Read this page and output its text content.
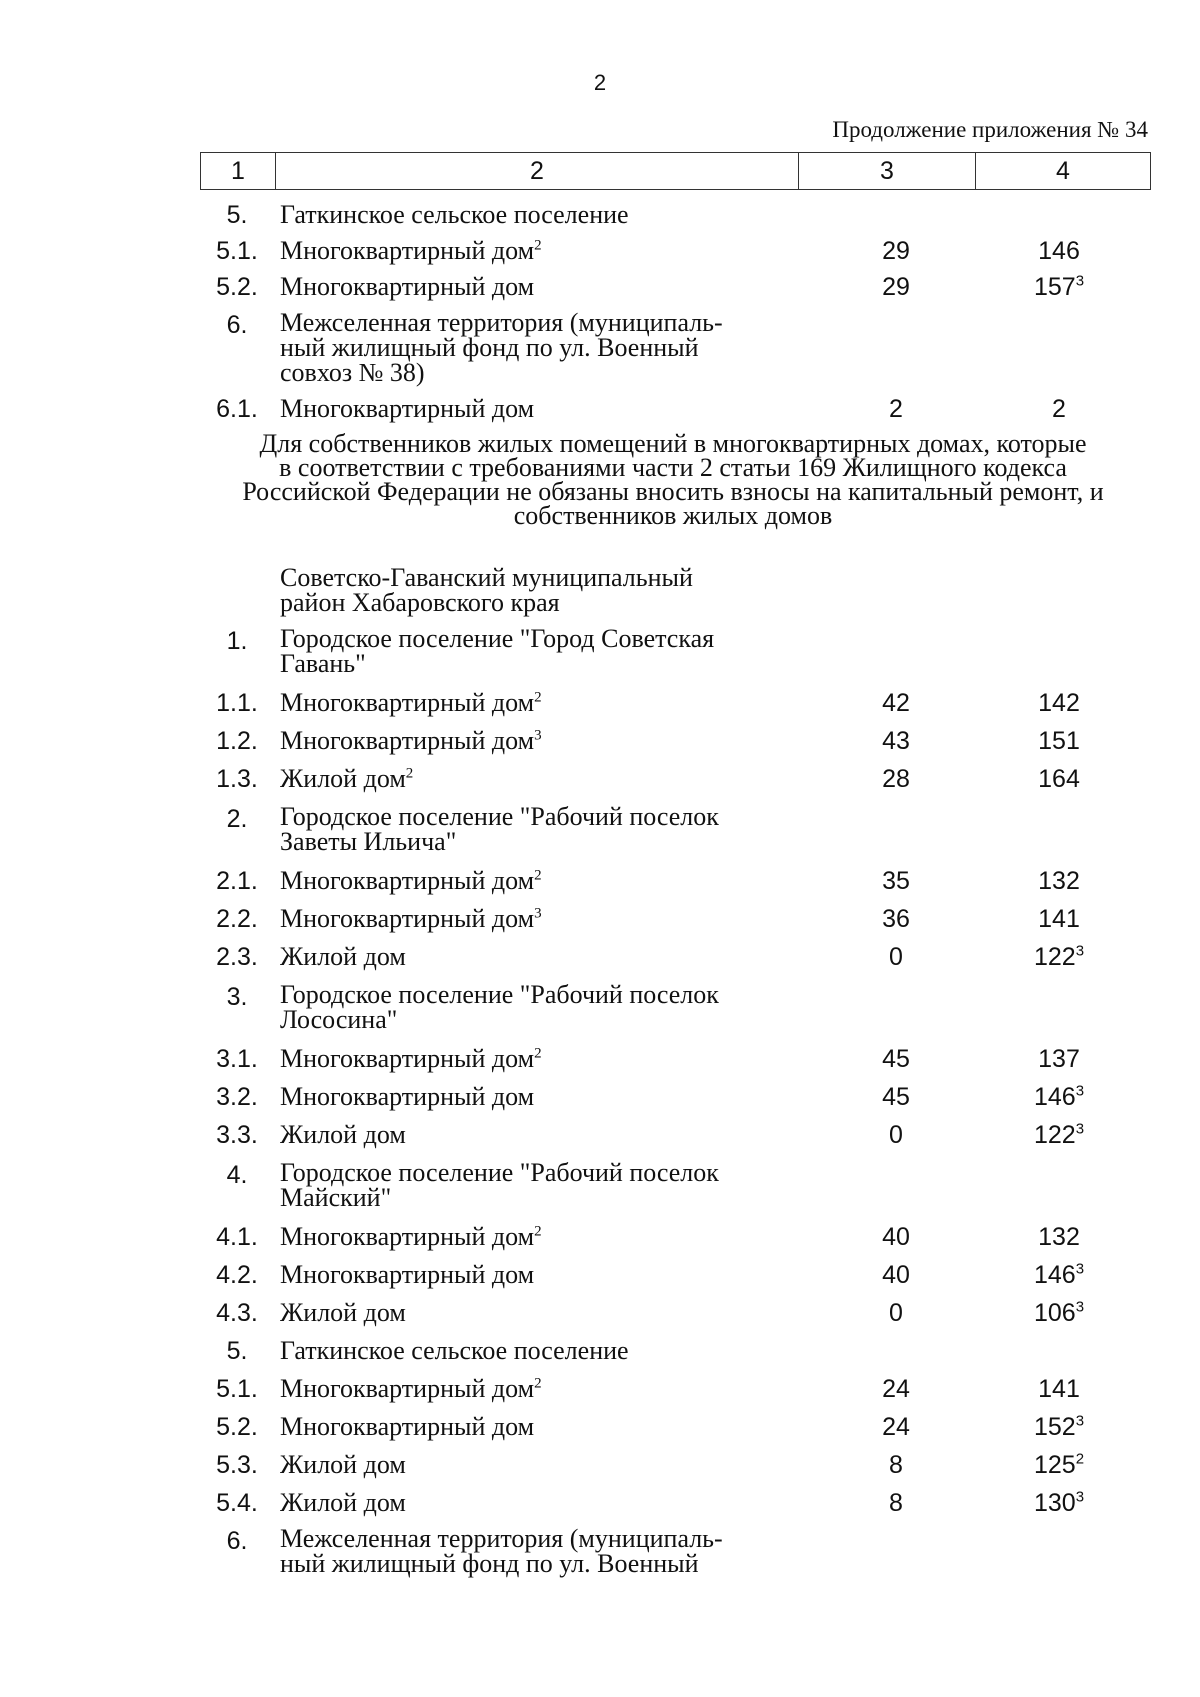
2
Продолжение приложения № 34
1	2	3	4
5.	Гаткинское сельское поселение
5.1. Многоквартирный дом$^2$	29	146
5.2. Многоквартирный дом	29	$157^3$
6.	Межселенная территория (муниципаль-
ный жилищный фонд по ул. Военный
совхоз № 38)
6.1. Многоквартирный дом	2	2
Для собственников жилых помещений в многоквартирных домах, которые
в соответствии с требованиями части 2 статьи 169 Жилищного кодекса
Российской Федерации не обязаны вносить взносы на капитальный ремонт, и
собственников жилых домов
Советско-Гаванский муниципальный
район Хабаровского края
1.	Городское поселение "Город Советская
Гавань"
1.1. Многоквартирный дом$^2$	42	142
1.2. Многоквартирный дом$^3$	43	151
1.3. Жилой дом$^2$	28	164
2.	Городское поселение "Рабочий поселок
Заветы Ильича"
2.1. Многоквартирный дом$^2$	35	132
2.2. Многоквартирный дом$^3$	36	141
2.3. Жилой дом	0	$122^3$
3.	Городское поселение "Рабочий поселок
Лососина"
3.1. Многоквартирный дом$^2$	45	137
3.2. Многоквартирный дом	45	$146^3$
3.3. Жилой дом	0	$122^3$
4.	Городское поселение "Рабочий поселок
Майский"
4.1. Многоквартирный дом$^2$	40	132
4.2. Многоквартирный дом	40	$146^3$
4.3. Жилой дом	0	$106^3$
5.	Гаткинское сельское поселение
5.1. Многоквартирный дом$^2$	24	141
5.2. Многоквартирный дом	24	$152^3$
5.3. Жилой дом	8	$125^2$
5.4. Жилой дом	8	$130^3$
6.	Межселенная территория (муниципаль-
ный жилищный фонд по ул. Военный
